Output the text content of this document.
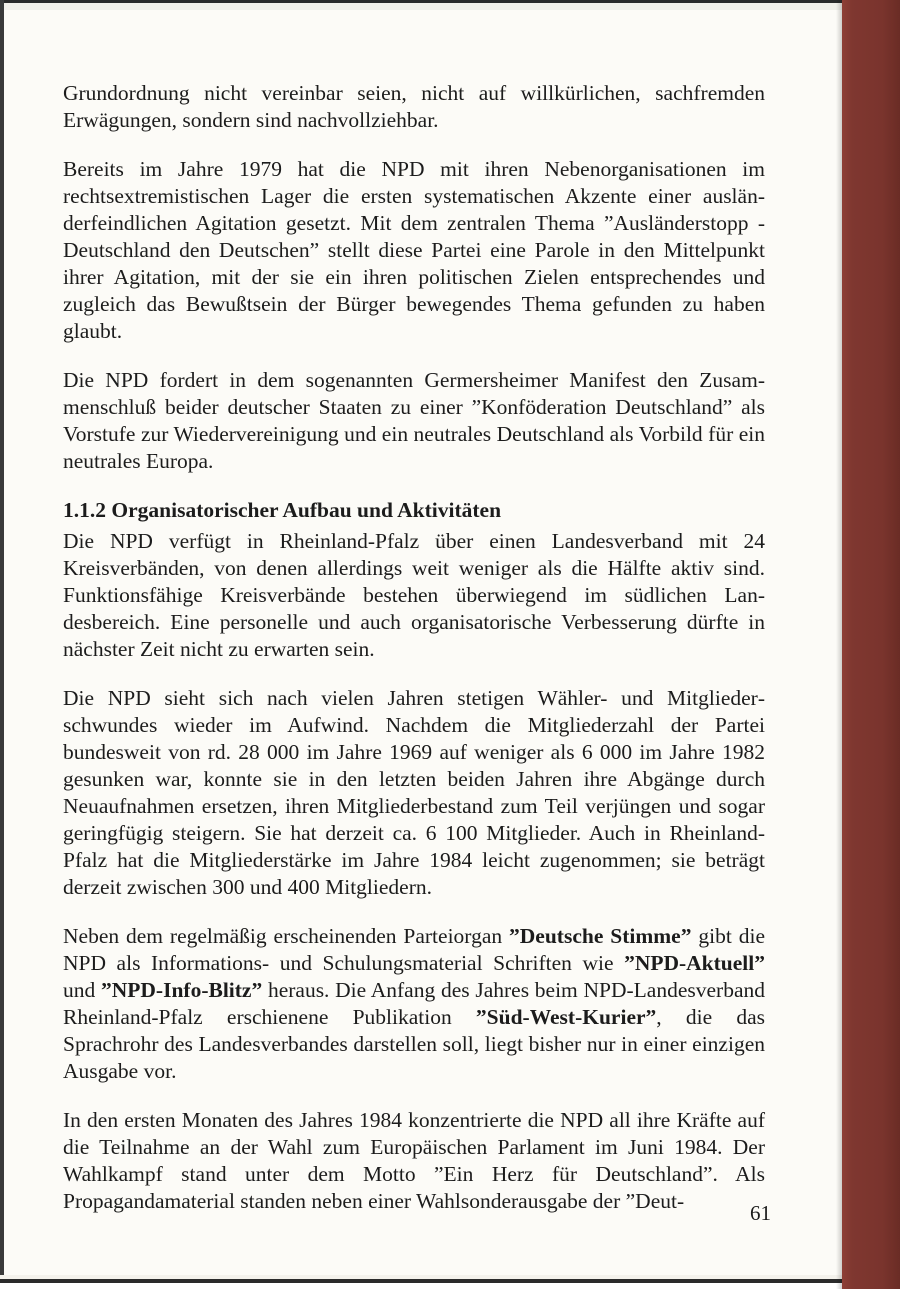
Grundordnung nicht vereinbar seien, nicht auf willkürlichen, sachfremden Erwägungen, sondern sind nachvollziehbar.

Bereits im Jahre 1979 hat die NPD mit ihren Nebenorganisationen im rechtsextremistischen Lager die ersten systematischen Akzente einer ausländerfeindlichen Agitation gesetzt. Mit dem zentralen Thema ”Ausländerstopp - Deutschland den Deutschen” stellt diese Partei eine Parole in den Mittelpunkt ihrer Agitation, mit der sie ein ihren politischen Zielen entsprechendes und zugleich das Bewußtsein der Bürger bewegendes Thema gefunden zu haben glaubt.

Die NPD fordert in dem sogenannten Germersheimer Manifest den Zusammenschluß beider deutscher Staaten zu einer ”Konföderation Deutschland” als Vorstufe zur Wiedervereinigung und ein neutrales Deutschland als Vorbild für ein neutrales Europa.

1.1.2 Organisatorischer Aufbau und Aktivitäten

Die NPD verfügt in Rheinland-Pfalz über einen Landesverband mit 24 Kreisverbänden, von denen allerdings weit weniger als die Hälfte aktiv sind. Funktionsfähige Kreisverbände bestehen überwiegend im südlichen Landesbereich. Eine personelle und auch organisatorische Verbesserung dürfte in nächster Zeit nicht zu erwarten sein.

Die NPD sieht sich nach vielen Jahren stetigen Wähler- und Mitgliederschwundes wieder im Aufwind. Nachdem die Mitgliederzahl der Partei bundesweit von rd. 28 000 im Jahre 1969 auf weniger als 6 000 im Jahre 1982 gesunken war, konnte sie in den letzten beiden Jahren ihre Abgänge durch Neuaufnahmen ersetzen, ihren Mitgliederbestand zum Teil verjüngen und sogar geringfügig steigern. Sie hat derzeit ca. 6 100 Mitglieder. Auch in Rheinland-Pfalz hat die Mitgliederstärke im Jahre 1984 leicht zugenommen; sie beträgt derzeit zwischen 300 und 400 Mitgliedern.

Neben dem regelmäßig erscheinenden Parteiorgan ”Deutsche Stimme” gibt die NPD als Informations- und Schulungsmaterial Schriften wie ”NPD-Aktuell” und ”NPD-Info-Blitz” heraus. Die Anfang des Jahres beim NPD-Landesverband Rheinland-Pfalz erschienene Publikation ”Süd-West-Kurier”, die das Sprachrohr des Landesverbandes darstellen soll, liegt bisher nur in einer einzigen Ausgabe vor.

In den ersten Monaten des Jahres 1984 konzentrierte die NPD all ihre Kräfte auf die Teilnahme an der Wahl zum Europäischen Parlament im Juni 1984. Der Wahlkampf stand unter dem Motto ”Ein Herz für Deutschland”. Als Propagandamaterial standen neben einer Wahlsonderausgabe der ”Deut-	61
